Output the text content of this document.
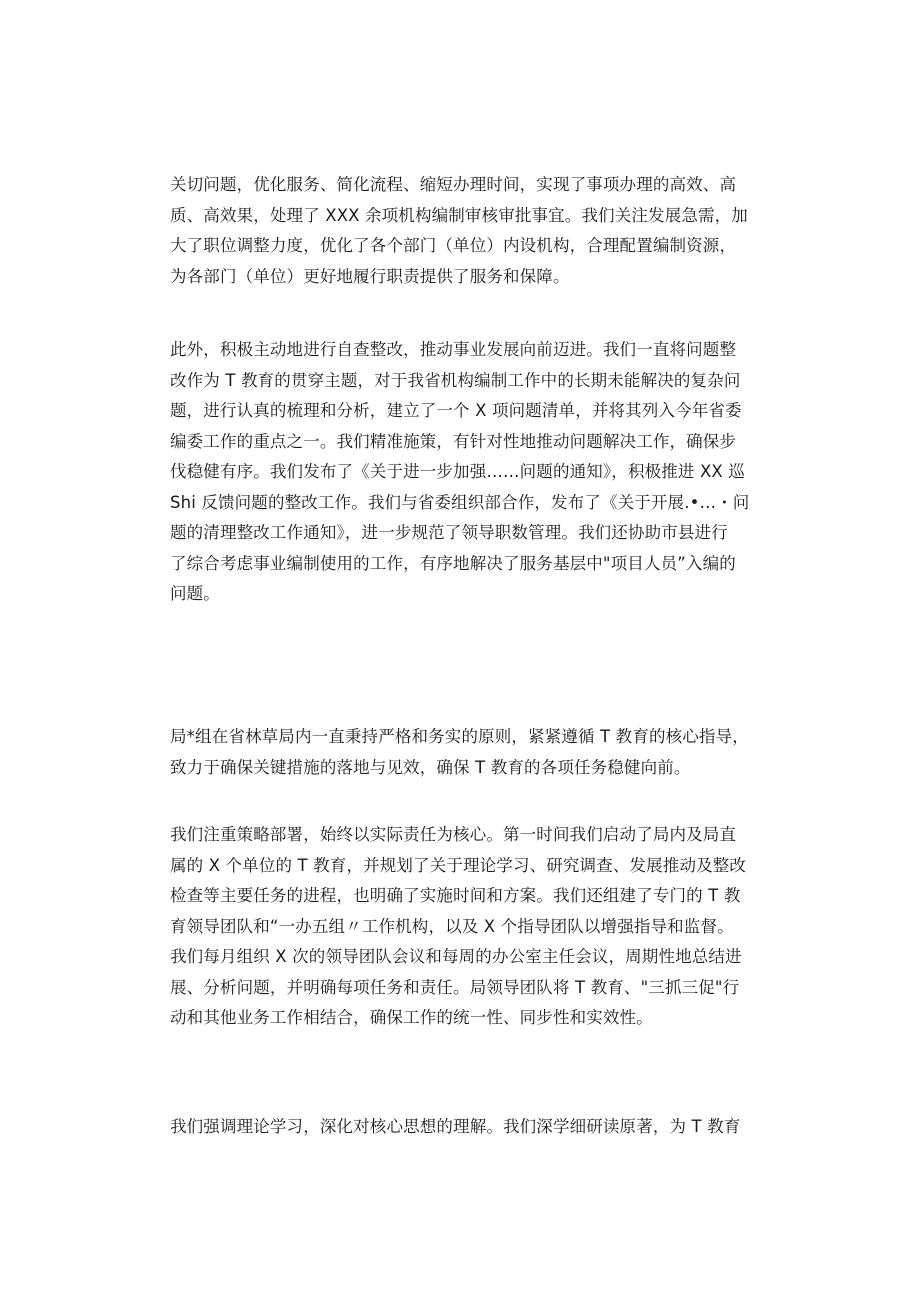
关切问题，优化服务、简化流程、缩短办理时间，实现了事项办理的高效、高
质、高效果，处理了 XXX 余项机构编制审核审批事宜。我们关注发展急需，加
大了职位调整力度，优化了各个部门（单位）内设机构，合理配置编制资源，
为各部门（单位）更好地履行职责提供了服务和保障。

此外，积极主动地进行自查整改，推动事业发展向前迈进。我们一直将问题整
改作为 T 教育的贯穿主题，对于我省机构编制工作中的长期未能解决的复杂问
题，进行认真的梳理和分析，建立了一个 X 项问题清单，并将其列入今年省委
编委工作的重点之一。我们精准施策，有针对性地推动问题解决工作，确保步
伐稳健有序。我们发布了《关于进一步加强……问题的通知》，积极推进 XX 巡
Shi 反馈问题的整改工作。我们与省委组织部合作，发布了《关于开展.•…・问
题的清理整改工作通知》，进一步规范了领导职数管理。我们还协助市县进行
了综合考虑事业编制使用的工作，有序地解决了服务基层中"项目人员”入编的
问题。

局*组在省林草局内一直秉持严格和务实的原则，紧紧遵循 T 教育的核心指导，
致力于确保关键措施的落地与见效，确保 T 教育的各项任务稳健向前。

我们注重策略部署，始终以实际责任为核心。第一时间我们启动了局内及局直
属的 X 个单位的 T 教育，并规划了关于理论学习、研究调查、发展推动及整改
检查等主要任务的进程，也明确了实施时间和方案。我们还组建了专门的 T 教
育领导团队和“一办五组〃工作机构，以及 X 个指导团队以增强指导和监督。
我们每月组织 X 次的领导团队会议和每周的办公室主任会议，周期性地总结进
展、分析问题，并明确每项任务和责任。局领导团队将 T 教育、"三抓三促"行
动和其他业务工作相结合，确保工作的统一性、同步性和实效性。

我们强调理论学习，深化对核心思想的理解。我们深学细研读原著，为 T 教育
